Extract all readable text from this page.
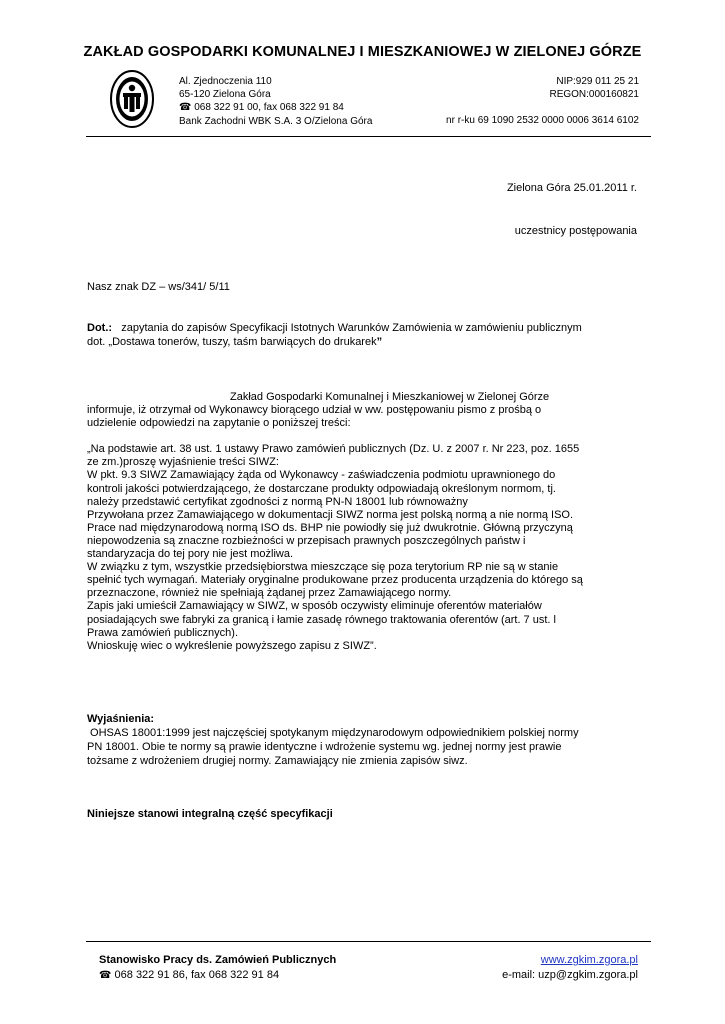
ZAKŁAD GOSPODARKI KOMUNALNEJ I MIESZKANIOWEJ W ZIELONEJ GÓRZE
Al. Zjednoczenia 110
65-120 Zielona Góra
☎ 068 322 91 00, fax 068 322 91 84
Bank Zachodni WBK S.A. 3 O/Zielona Góra
NIP:929 011 25 21
REGON:000160821
nr r-ku 69 1090 2532 0000 0006 3614 6102
Zielona Góra 25.01.2011 r.
uczestnicy postępowania
Nasz znak DZ – ws/341/ 5/11
Dot.: zapytania do zapisów Specyfikacji Istotnych Warunków Zamówienia w zamówieniu publicznym
dot. „Dostawa tonerów, tuszy, taśm barwiących do drukarek”

Zakład Gospodarki Komunalnej i Mieszkaniowej w Zielonej Górze

informuje, iż otrzymał od Wykonawcy biorącego udział w ww. postępowaniu pismo z prośbą o

udzielenie odpowiedzi na zapytanie o poniższej treści:

„Na podstawie art. 38 ust. 1 ustawy Prawo zamówień publicznych (Dz. U. z 2007 r. Nr 223, poz. 1655

ze zm.)proszę wyjaśnienie treści SIWZ:

W pkt. 9.3 SIWZ Zamawiający żąda od Wykonawcy - zaświadczenia podmiotu uprawnionego do

kontroli jakości potwierdzającego, że dostarczane produkty odpowiadają określonym normom, tj.

należy przedstawić certyfikat zgodności z normą PN-N 18001 lub równoważny

Przywołana przez Zamawiającego w dokumentacji SIWZ norma jest polską normą a nie normą ISO.

Prace nad międzynarodową normą ISO ds. BHP nie powiodły się już dwukrotnie. Główną przyczyną

niepowodzenia są znaczne rozbieżności w przepisach prawnych poszczególnych państw i

standaryzacja do tej pory nie jest możliwa.

W związku z tym, wszystkie przedsiębiorstwa mieszczące się poza terytorium RP nie są w stanie

spełnić tych wymagań. Materiały oryginalne produkowane przez producenta urządzenia do którego są

przeznaczone, również nie spełniają żądanej przez Zamawiającego normy.

Zapis jaki umieścił Zamawiający w SIWZ, w sposób oczywisty eliminuje oferentów materiałów

posiadających swe fabryki za granicą i łamie zasadę równego traktowania oferentów (art. 7 ust. l

Prawa zamówień publicznych).

Wnioskuję wiec o wykreślenie powyższego zapisu z SIWZ”.

Wyjaśnienia:
OHSAS 18001:1999 jest najczęściej spotykanym międzynarodowym odpowiednikiem polskiej normy
PN 18001. Obie te normy są prawie identyczne i wdrożenie systemu wg. jednej normy jest prawie
tożsame z wdrożeniem drugiej normy. Zamawiający nie zmienia zapisów siwz.
Niniejsze stanowi integralną część specyfikacji
Stanowisko Pracy ds. Zamówień Publicznych
☎ 068 322 91 86, fax 068 322 91 84
www.zgkim.zgora.pl
e-mail: uzp@zgkim.zgora.pl
